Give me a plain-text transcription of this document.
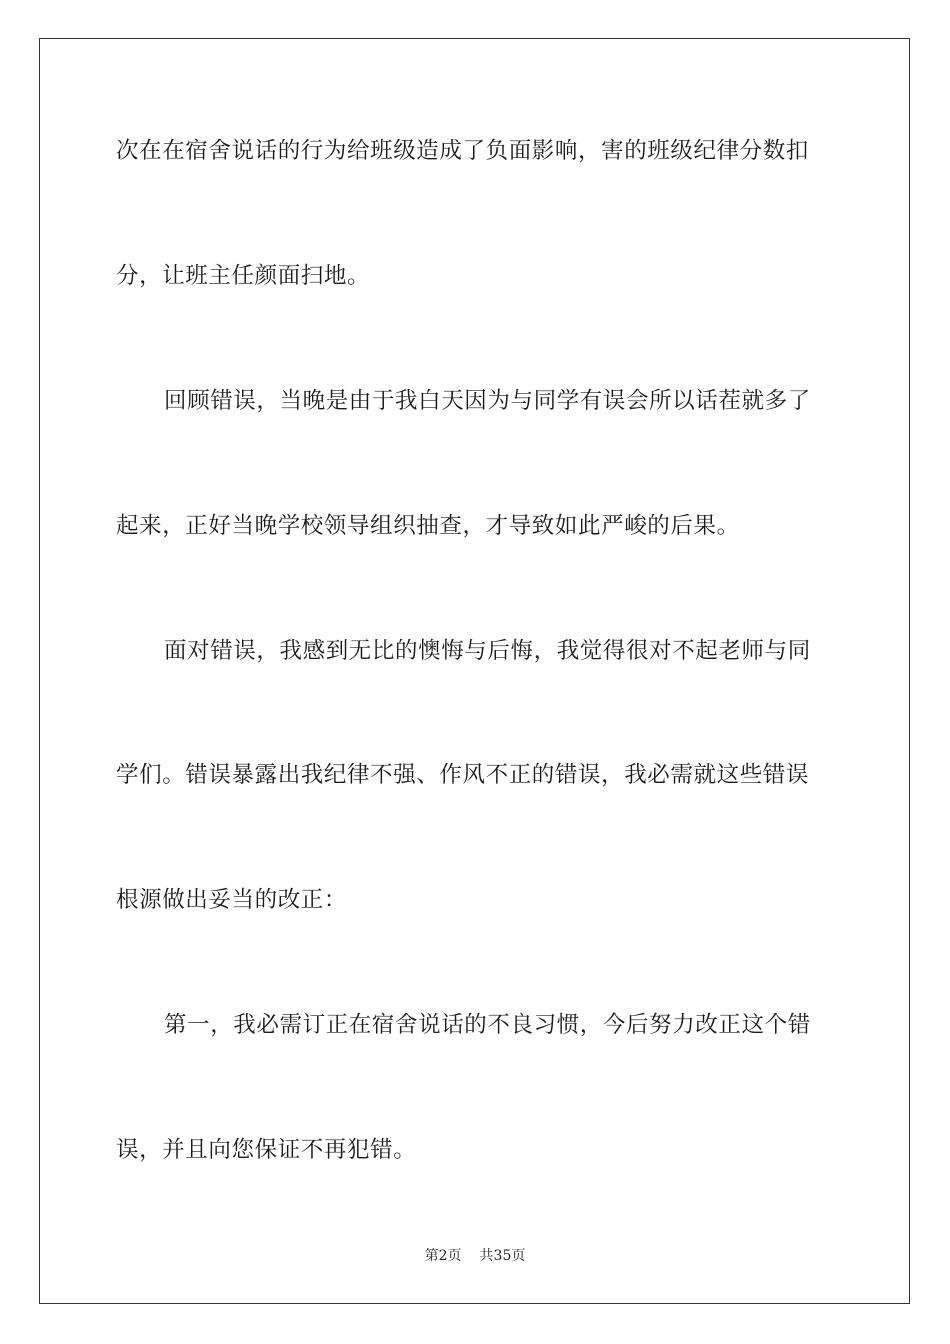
次在在宿舍说话的行为给班级造成了负面影响，害的班级纪律分数扣
分，让班主任颜面扫地。
回顾错误，当晚是由于我白天因为与同学有误会所以话茬就多了
起来，正好当晚学校领导组织抽查，才导致如此严峻的后果。
面对错误，我感到无比的懊悔与后悔，我觉得很对不起老师与同
学们。错误暴露出我纪律不强、作风不正的错误，我必需就这些错误
根源做出妥当的改正：
第一，我必需订正在宿舍说话的不良习惯，今后努力改正这个错
误，并且向您保证不再犯错。
第2页 共35页
